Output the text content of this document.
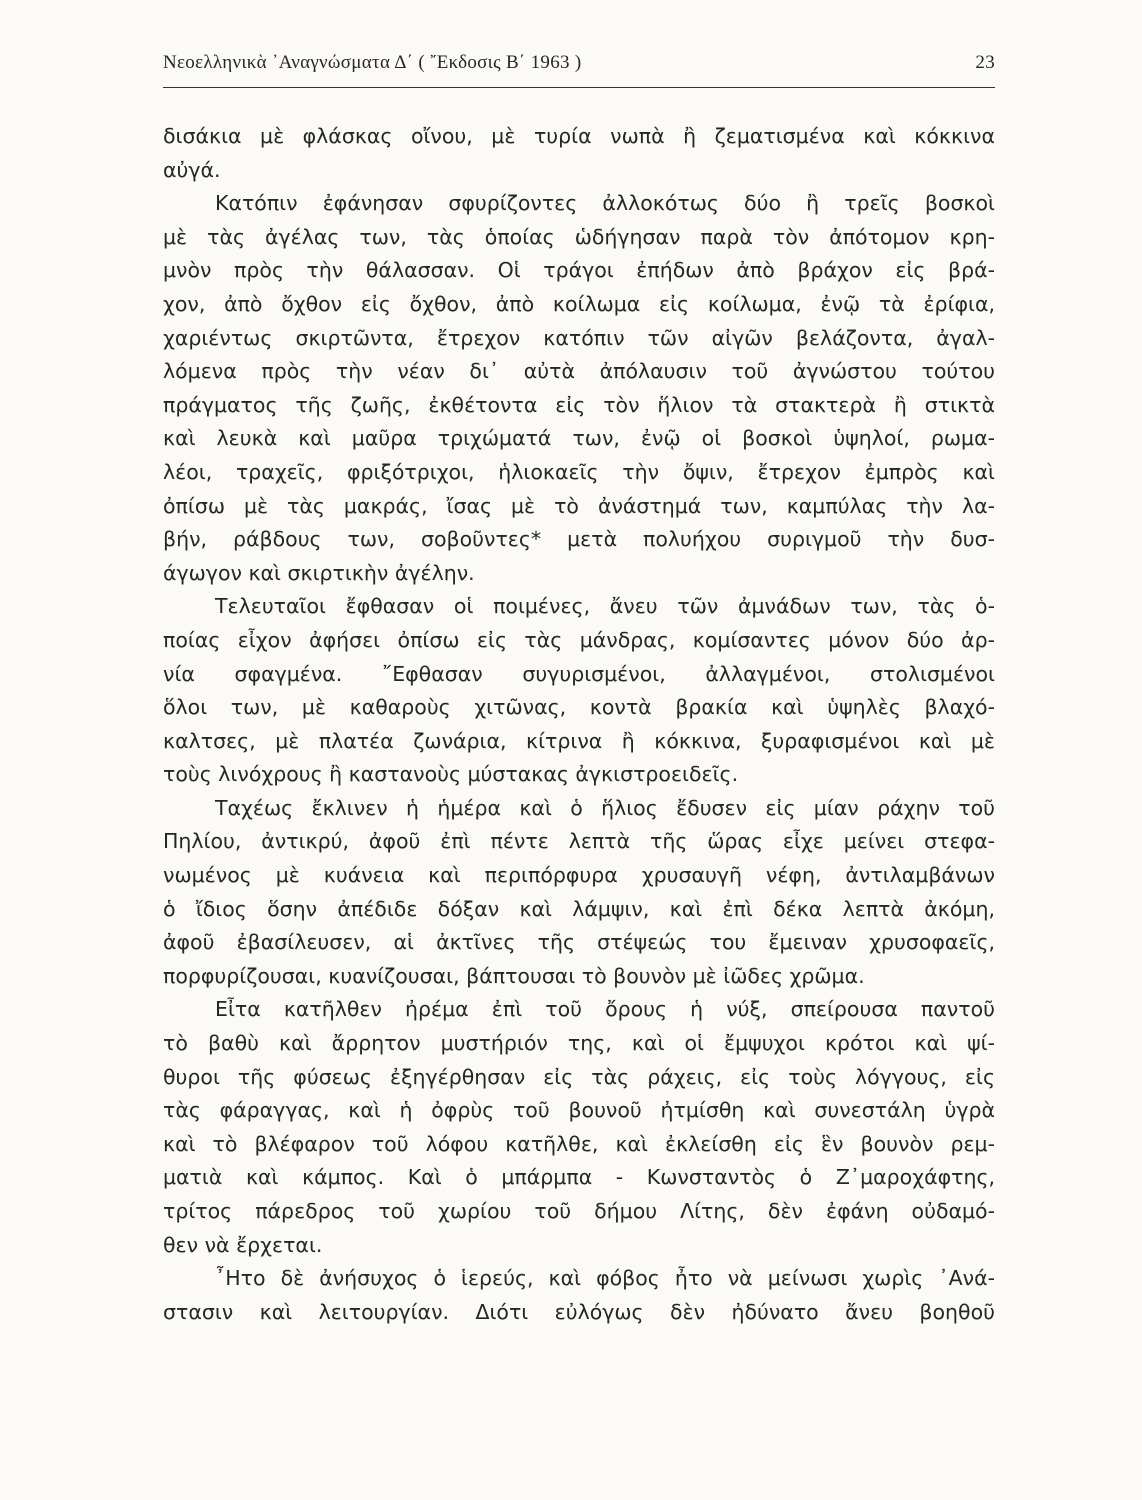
Νεοελληνικὰ ᾿Αναγνώσματα Δ΄ ( ῎Εκδοσις Β΄ 1963 )	23
δισάκια μὲ φλάσκας οἴνου, μὲ τυρία νωπὰ ἢ ζεματισμένα καὶ κόκκινα
αὐγά.
Κατόπιν ἐφάνησαν σφυρίζοντες ἀλλοκότως δύο ἢ τρεῖς βοσκοὶ
μὲ τὰς ἀγέλας των, τὰς ὁποίας ὡδήγησαν παρὰ τὸν ἀπότομον κρη-
μνὸν πρὸς τὴν θάλασσαν. Οἱ τράγοι ἐπήδων ἀπὸ βράχον εἰς βρά-
χον, ἀπὸ ὄχθον εἰς ὄχθον, ἀπὸ κοίλωμα εἰς κοίλωμα, ἐνῷ τὰ ἐρίφια,
χαριέντως σκιρτῶντα, ἔτρεχον κατόπιν τῶν αἰγῶν βελάζοντα, ἀγαλ-
λόμενα πρὸς τὴν νέαν δι᾿ αὐτὰ ἀπόλαυσιν τοῦ ἀγνώστου τούτου
πράγματος τῆς ζωῆς, ἐκθέτοντα εἰς τὸν ἥλιον τὰ στακτερὰ ἢ στικτὰ
καὶ λευκὰ καὶ μαῦρα τριχώματά των, ἐνῷ οἱ βοσκοὶ ὑψηλοί, ρωμα-
λέοι, τραχεῖς, φριξότριχοι, ἡλιοκαεῖς τὴν ὄψιν, ἔτρεχον ἐμπρὸς καὶ
ὀπίσω μὲ τὰς μακράς, ἴσας μὲ τὸ ἀνάστημά των, καμπύλας τὴν λα-
βήν, ράβδους των, σοβοῦντες* μετὰ πολυήχου συριγμοῦ τὴν δυσ-
άγωγον καὶ σκιρτικὴν ἀγέλην.
Τελευταῖοι ἔφθασαν οἱ ποιμένες, ἄνευ τῶν ἀμνάδων των, τὰς ὁ-
ποίας εἶχον ἀφήσει ὀπίσω εἰς τὰς μάνδρας, κομίσαντες μόνον δύο ἀρ-
νία σφαγμένα. ῎Εφθασαν συγυρισμένοι, ἀλλαγμένοι, στολισμένοι
ὅλοι των, μὲ καθαροὺς χιτῶνας, κοντὰ βρακία καὶ ὑψηλὲς βλαχό-
καλτσες, μὲ πλατέα ζωνάρια, κίτρινα ἢ κόκκινα, ξυραφισμένοι καὶ μὲ
τοὺς λινόχρους ἢ καστανοὺς μύστακας ἀγκιστροειδεῖς.
Ταχέως ἔκλινεν ἡ ἡμέρα καὶ ὁ ἥλιος ἔδυσεν εἰς μίαν ράχην τοῦ
Πηλίου, ἀντικρύ, ἀφοῦ ἐπὶ πέντε λεπτὰ τῆς ὥρας εἶχε μείνει στεφα-
νωμένος μὲ κυάνεια καὶ περιπόρφυρα χρυσαυγῆ νέφη, ἀντιλαμβάνων
ὁ ἴδιος ὅσην ἀπέδιδε δόξαν καὶ λάμψιν, καὶ ἐπὶ δέκα λεπτὰ ἀκόμη,
ἀφοῦ ἐβασίλευσεν, αἱ ἀκτῖνες τῆς στέψεώς του ἔμειναν χρυσοφαεῖς,
πορφυρίζουσαι, κυανίζουσαι, βάπτουσαι τὸ βουνὸν μὲ ἰῶδες χρῶμα.
Εἶτα κατῆλθεν ἠρέμα ἐπὶ τοῦ ὄρους ἡ νύξ, σπείρουσα παντοῦ
τὸ βαθὺ καὶ ἄρρητον μυστήριόν της, καὶ οἱ ἔμψυχοι κρότοι καὶ ψί-
θυροι τῆς φύσεως ἐξηγέρθησαν εἰς τὰς ράχεις, εἰς τοὺς λόγγους, εἰς
τὰς φάραγγας, καὶ ἡ ὀφρὺς τοῦ βουνοῦ ἠτμίσθη καὶ συνεστάλη ὑγρὰ
καὶ τὸ βλέφαρον τοῦ λόφου κατῆλθε, καὶ ἐκλείσθη εἰς ἓν βουνὸν ρεμ-
ματιὰ καὶ κάμπος. Καὶ ὁ μπάρμπα - Κωνσταντὸς ὁ Ζ᾿μαροχάφτης,
τρίτος πάρεδρος τοῦ χωρίου τοῦ δήμου Λίτης, δὲν ἐφάνη οὐδαμό-
θεν νὰ ἔρχεται.
῏Ητο δὲ ἀνήσυχος ὁ ἱερεύς, καὶ φόβος ἦτο νὰ μείνωσι χωρὶς ᾿Ανά-
στασιν καὶ λειτουργίαν. Διότι εὐλόγως δὲν ἠδύνατο ἄνευ βοηθοῦ
